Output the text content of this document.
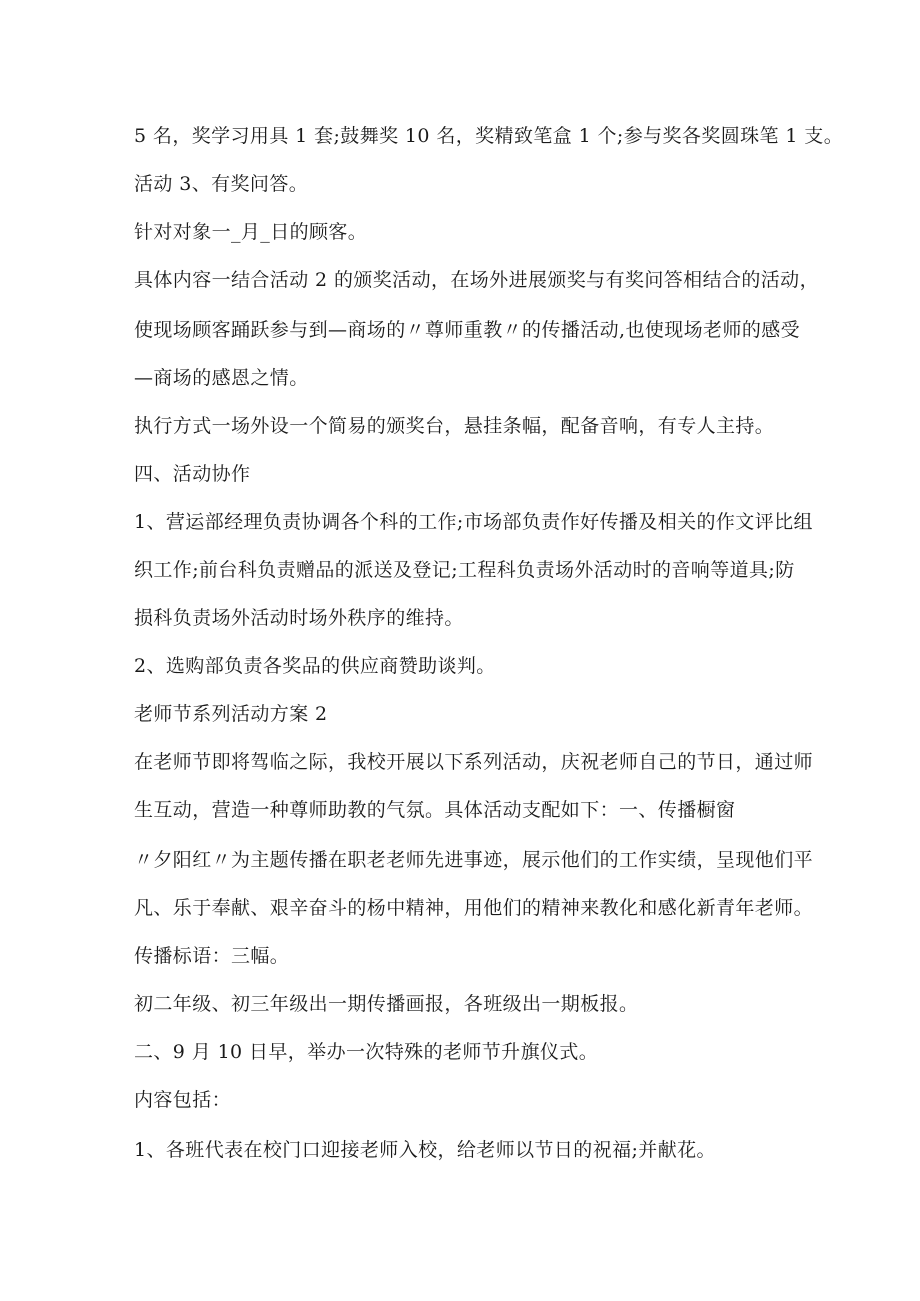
5 名，奖学习用具 1 套;鼓舞奖 10 名，奖精致笔盒 1 个;参与奖各奖圆珠笔 1 支。
活动 3、有奖问答。
针对对象一_月_日的顾客。
具体内容一结合活动 2 的颁奖活动，在场外进展颁奖与有奖问答相结合的活动，
使现场顾客踊跃参与到—商场的〃尊师重教〃的传播活动,也使现场老师的感受
—商场的感恩之情。
执行方式一场外设一个简易的颁奖台，悬挂条幅，配备音响，有专人主持。
四、活动协作
1、营运部经理负责协调各个科的工作;市场部负责作好传播及相关的作文评比组
织工作;前台科负责赠品的派送及登记;工程科负责场外活动时的音响等道具;防
损科负责场外活动时场外秩序的维持。
2、选购部负责各奖品的供应商赞助谈判。
老师节系列活动方案 2
在老师节即将驾临之际，我校开展以下系列活动，庆祝老师自己的节日，通过师
生互动，营造一种尊师助教的气氛。具体活动支配如下：一、传播橱窗
〃夕阳红〃为主题传播在职老老师先进事迹，展示他们的工作实绩，呈现他们平
凡、乐于奉献、艰辛奋斗的杨中精神，用他们的精神来教化和感化新青年老师。
传播标语：三幅。
初二年级、初三年级出一期传播画报，各班级出一期板报。
二、9 月 10 日早，举办一次特殊的老师节升旗仪式。
内容包括：
1、各班代表在校门口迎接老师入校，给老师以节日的祝福;并献花。
